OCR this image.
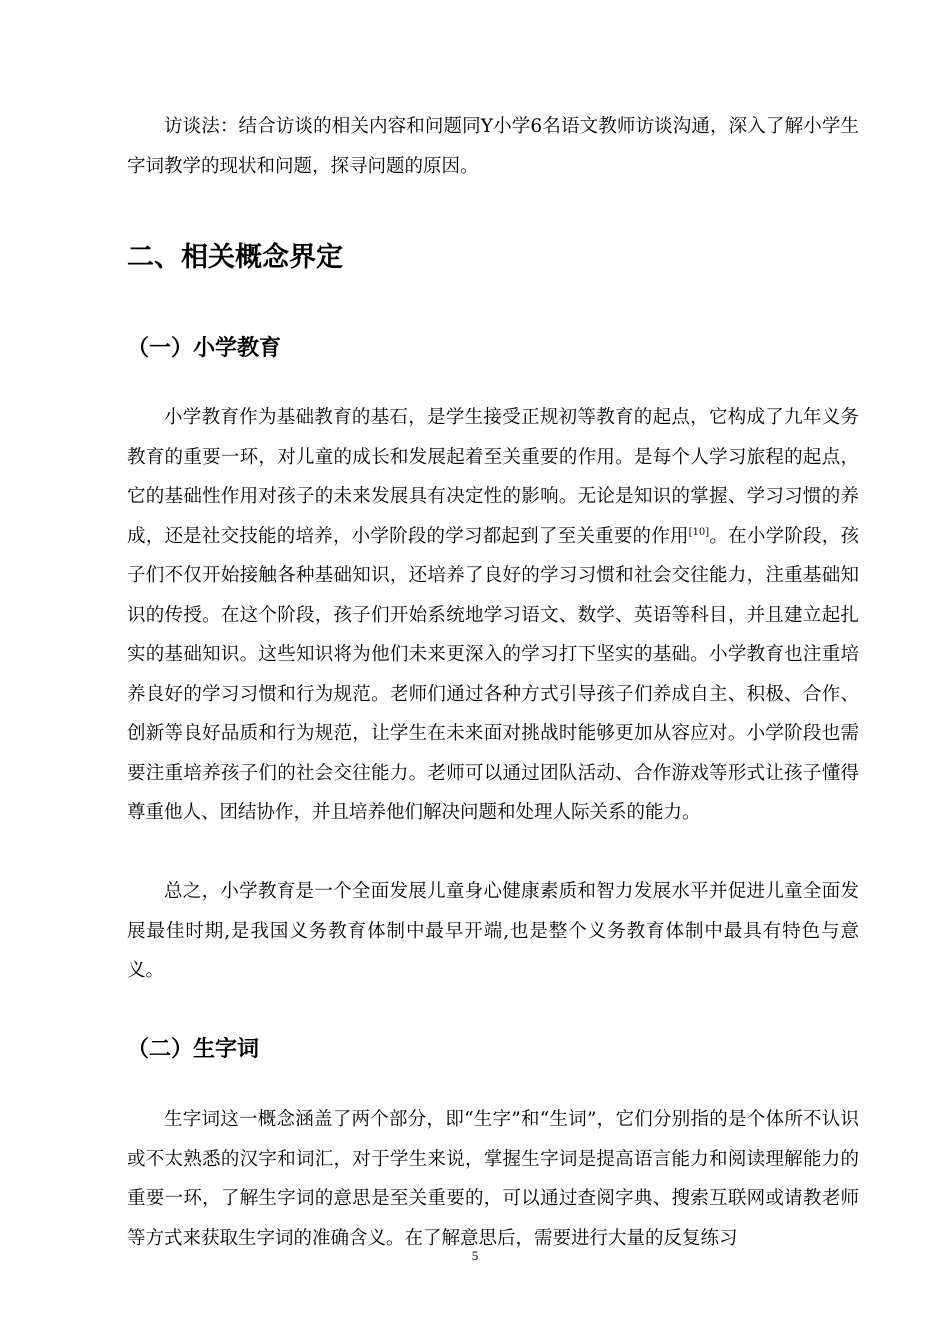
访谈法：结合访谈的相关内容和问题同Y小学6名语文教师访谈沟通，深入了解小学生字词教学的现状和问题，探寻问题的原因。

二、相关概念界定
（一）小学教育

小学教育作为基础教育的基石，是学生接受正规初等教育的起点，它构成了九年义务教育的重要一环，对儿童的成长和发展起着至关重要的作用。是每个人学习旅程的起点，它的基础性作用对孩子的未来发展具有决定性的影响。无论是知识的掌握、学习习惯的养成，还是社交技能的培养，小学阶段的学习都起到了至关重要的作用[10]。在小学阶段，孩子们不仅开始接触各种基础知识，还培养了良好的学习习惯和社会交往能力，注重基础知识的传授。在这个阶段，孩子们开始系统地学习语文、数学、英语等科目，并且建立起扎实的基础知识。这些知识将为他们未来更深入的学习打下坚实的基础。小学教育也注重培养良好的学习习惯和行为规范。老师们通过各种方式引导孩子们养成自主、积极、合作、创新等良好品质和行为规范，让学生在未来面对挑战时能够更加从容应对。小学阶段也需要注重培养孩子们的社会交往能力。老师可以通过团队活动、合作游戏等形式让孩子懂得尊重他人、团结协作，并且培养他们解决问题和处理人际关系的能力。

总之，小学教育是一个全面发展儿童身心健康素质和智力发展水平并促进儿童全面发展最佳时期,是我国义务教育体制中最早开端,也是整个义务教育体制中最具有特色与意义。

（二）生字词

生字词这一概念涵盖了两个部分，即“生字”和“生词”，它们分别指的是个体所不认识或不太熟悉的汉字和词汇，对于学生来说，掌握生字词是提高语言能力和阅读理解能力的重要一环，了解生字词的意思是至关重要的，可以通过查阅字典、搜索互联网或请教老师等方式来获取生字词的准确含义。在了解意思后，需要进行大量的反复练习

5
